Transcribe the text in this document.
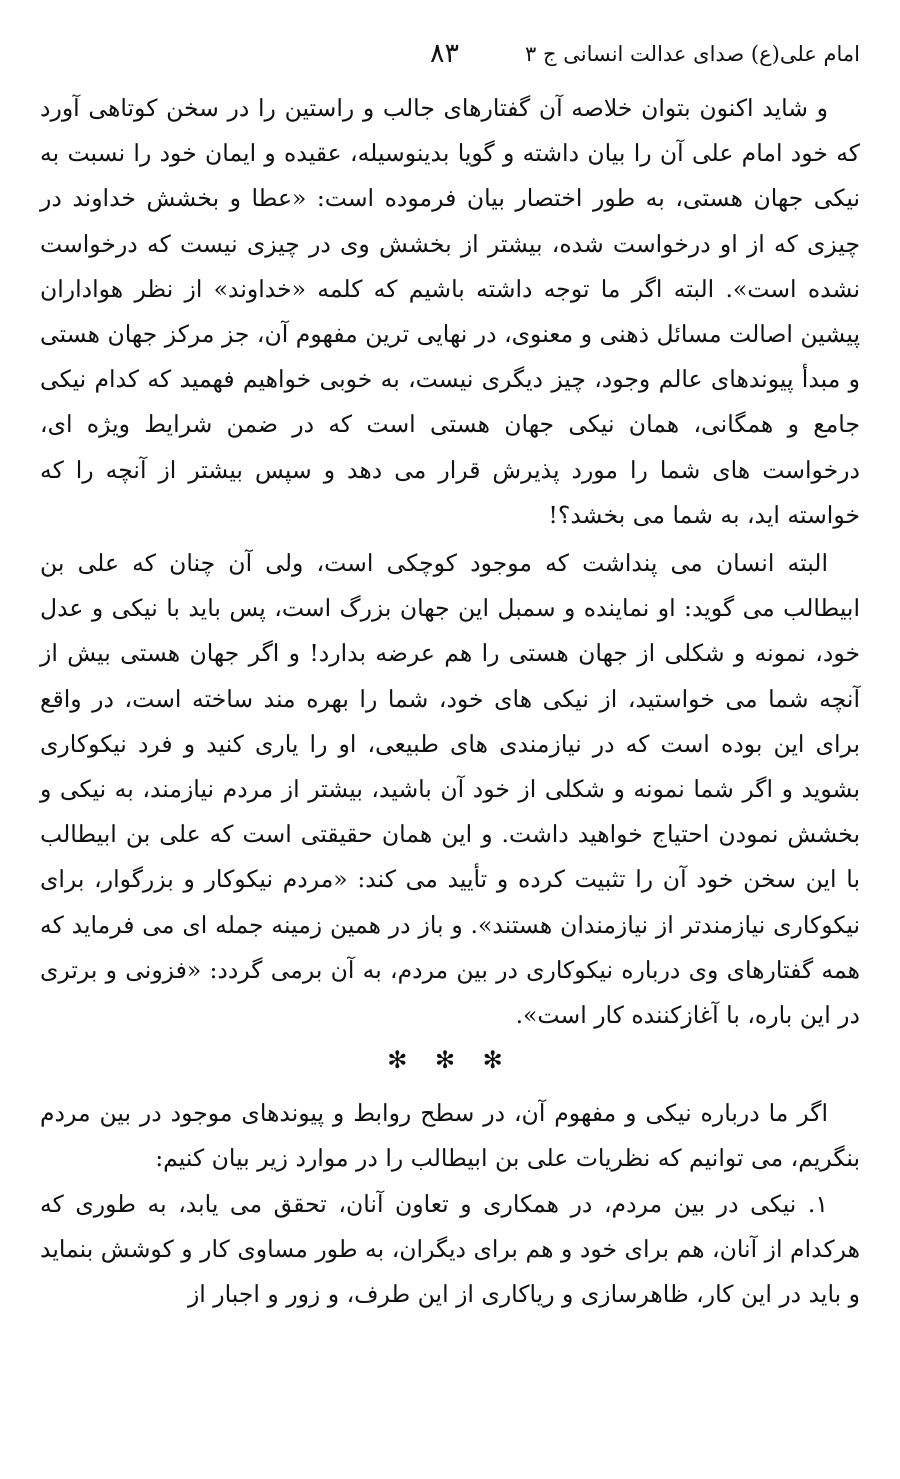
امام علی(ع) صدای عدالت انسانی ج ۳
۸۳

و شاید اکنون بتوان خلاصه آن گفتارهای جالب و راستین را در سخن کوتاهی آورد که خود امام علی آن را بیان داشته و گویا بدینوسیله، عقیده و ایمان خود را نسبت به نیکی جهان هستی، به طور اختصار بیان فرموده است: «عطا و بخشش خداوند در چیزی که از او درخواست شده، بیشتر از بخشش وی در چیزی نیست که درخواست نشده است». البته اگر ما توجه داشته باشیم که کلمه «خداوند» از نظر هواداران پیشین اصالت مسائل ذهنی و معنوی، در نهایی ترین مفهوم آن، جز مرکز جهان هستی و مبدأ پیوندهای عالم وجود، چیز دیگری نیست، به خوبی خواهیم فهمید که کدام نیکی جامع و همگانی، همان نیکی جهان هستی است که در ضمن شرایط ویژه ای، درخواست های شما را مورد پذیرش قرار می دهد و سپس بیشتر از آنچه را که خواسته اید، به شما می بخشد؟!

البته انسان می پنداشت که موجود کوچکی است، ولی آن چنان که علی بن ابیطالب می گوید: او نماینده و سمبل این جهان بزرگ است، پس باید با نیکی و عدل خود، نمونه و شکلی از جهان هستی را هم عرضه بدارد! و اگر جهان هستی بیش از آنچه شما می خواستید، از نیکی های خود، شما را بهره مند ساخته است، در واقع برای این بوده است که در نیازمندی های طبیعی، او را یاری کنید و فرد نیکوکاری بشوید و اگر شما نمونه و شکلی از خود آن باشید، بیشتر از مردم نیازمند، به نیکی و بخشش نمودن احتیاج خواهید داشت. و این همان حقیقتی است که علی بن ابیطالب با این سخن خود آن را تثبیت کرده و تأیید می کند: «مردم نیکوکار و بزرگوار، برای نیکوکاری نیازمندتر از نیازمندان هستند». و باز در همین زمینه جمله ای می فرماید که همه گفتارهای وی درباره نیکوکاری در بین مردم، به آن برمی گردد: «فزونی و برتری در این باره، با آغازکننده کار است».

✻ ✻ ✻

اگر ما درباره نیکی و مفهوم آن، در سطح روابط و پیوندهای موجود در بین مردم بنگریم، می توانیم که نظریات علی بن ابیطالب را در موارد زیر بیان کنیم:

۱. نیکی در بین مردم، در همکاری و تعاون آنان، تحقق می یابد، به طوری که هرکدام از آنان، هم برای خود و هم برای دیگران، به طور مساوی کار و کوشش بنماید و باید در این کار، ظاهرسازی و ریاکاری از این طرف، و زور و اجبار از
